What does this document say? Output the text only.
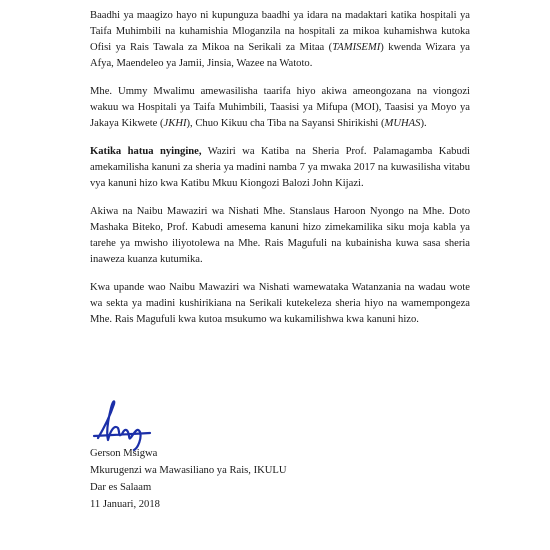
Baadhi ya maagizo hayo ni kupunguza baadhi ya idara na madaktari katika hospitali ya Taifa Muhimbili na kuhamishia Mloganzila na hospitali za mikoa kuhamishwa kutoka Ofisi ya Rais Tawala za Mikoa na Serikali za Mitaa (TAMISEMI) kwenda Wizara ya Afya, Maendeleo ya Jamii, Jinsia, Wazee na Watoto.

Mhe. Ummy Mwalimu amewasilisha taarifa hiyo akiwa ameongozana na viongozi wakuu wa Hospitali ya Taifa Muhimbili, Taasisi ya Mifupa (MOI), Taasisi ya Moyo ya Jakaya Kikwete (JKHI), Chuo Kikuu cha Tiba na Sayansi Shirikishi (MUHAS).

Katika hatua nyingine, Waziri wa Katiba na Sheria Prof. Palamagamba Kabudi amekamilisha kanuni za sheria ya madini namba 7 ya mwaka 2017 na kuwasilisha vitabu vya kanuni hizo kwa Katibu Mkuu Kiongozi Balozi John Kijazi.

Akiwa na Naibu Mawaziri wa Nishati Mhe. Stanslaus Haroon Nyongo na Mhe. Doto Mashaka Biteko, Prof. Kabudi amesema kanuni hizo zimekamilika siku moja kabla ya tarehe ya mwisho iliyotolewa na Mhe. Rais Magufuli na kubainisha kuwa sasa sheria inaweza kuanza kutumika.

Kwa upande wao Naibu Mawaziri wa Nishati wamewataka Watanzania na wadau wote wa sekta ya madini kushirikiana na Serikali kutekeleza sheria hiyo na wamempongeza Mhe. Rais Magufuli kwa kutoa msukumo wa kukamilishwa kwa kanuni hizo.

Gerson Msigwa
Mkurugenzi wa Mawasiliano ya Rais, IKULU
Dar es Salaam
11 Januari, 2018
